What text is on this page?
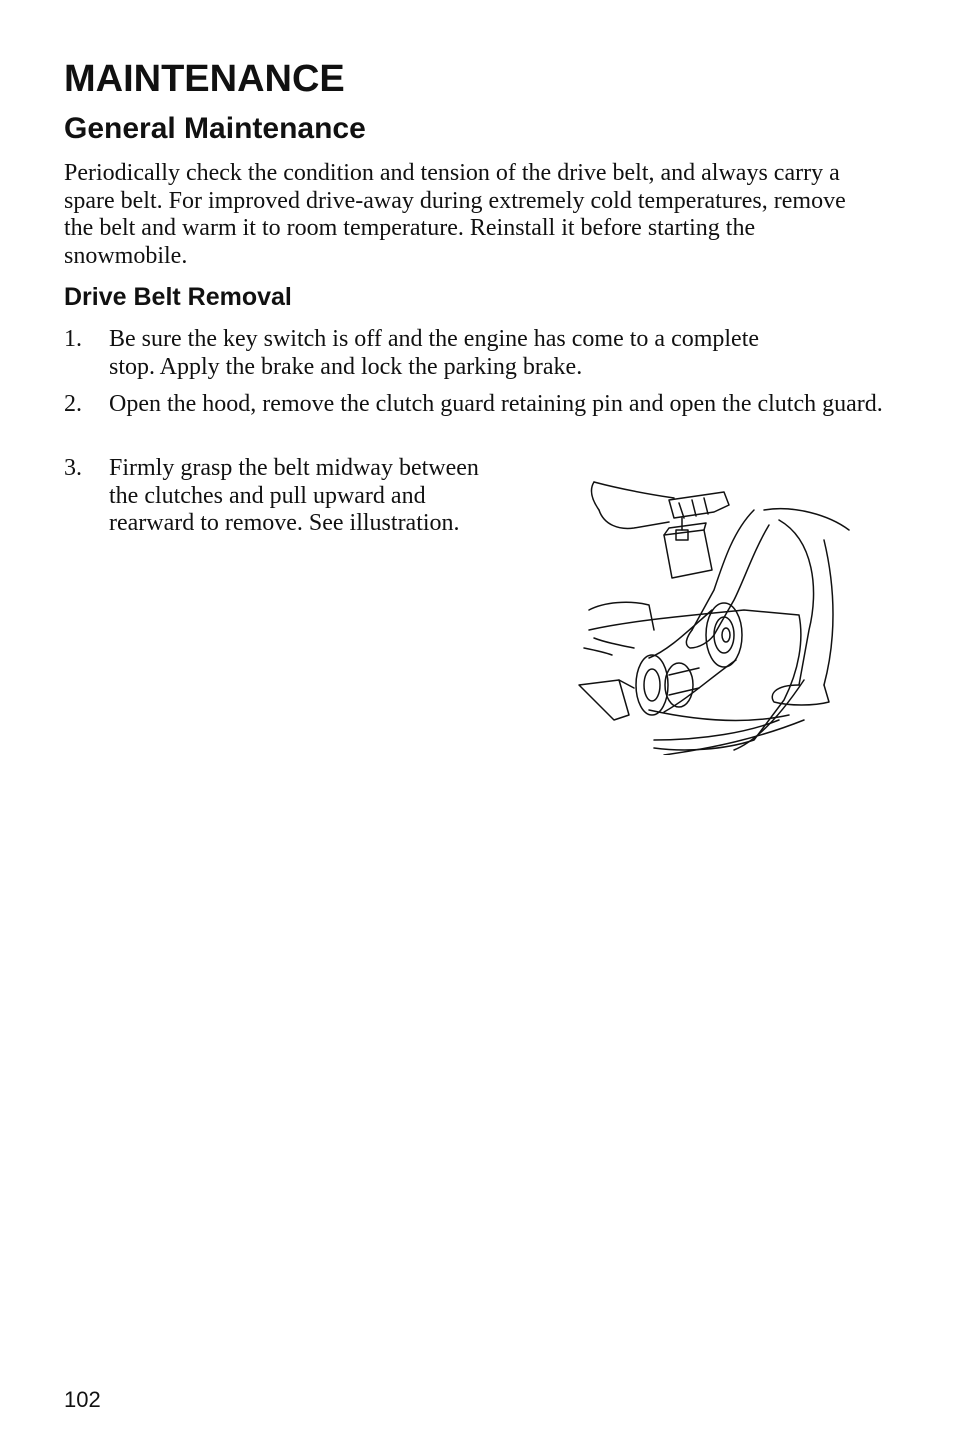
MAINTENANCE
General Maintenance

Periodically check the condition and tension of the drive belt, and always carry a spare belt. For improved drive-away during extremely cold temperatures, remove the belt and warm it to room temperature. Reinstall it before starting the snowmobile.

Drive Belt Removal
1. Be sure the key switch is off and the engine has come to a complete stop. Apply the brake and lock the parking brake.
2. Open the hood, remove the clutch guard retaining pin and open the clutch guard.
3. Firmly grasp the belt midway between the clutches and pull upward and rearward to remove. See illustration.

102
